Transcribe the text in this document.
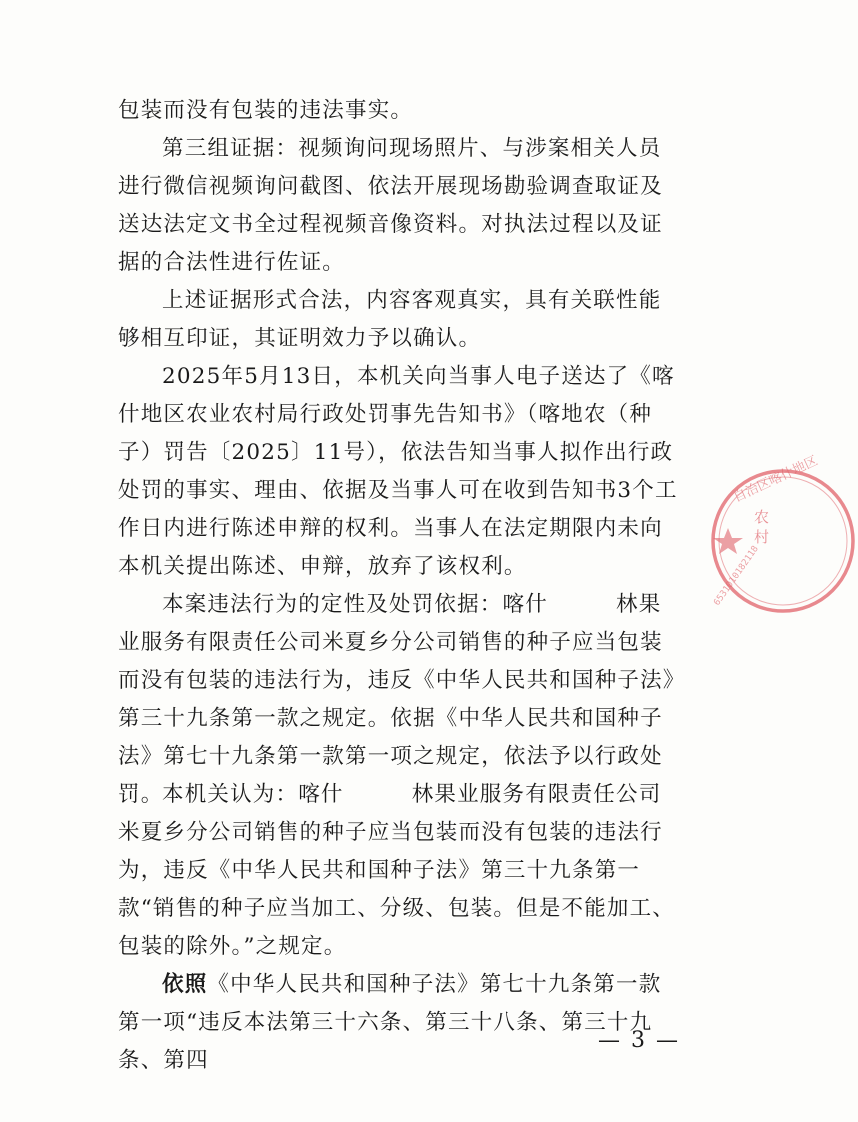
包装而没有包装的违法事实。

第三组证据：视频询问现场照片、与涉案相关人员进行微信视频询问截图、依法开展现场勘验调查取证及送达法定文书全过程视频音像资料。对执法过程以及证据的合法性进行佐证。

上述证据形式合法，内容客观真实，具有关联性能够相互印证，其证明效力予以确认。

2025年5月13日，本机关向当事人电子送达了《喀什地区农业农村局行政处罚事先告知书》（喀地农（种子）罚告〔2025〕11号），依法告知当事人拟作出行政处罚的事实、理由、依据及当事人可在收到告知书3个工作日内进行陈述申辩的权利。当事人在法定期限内未向本机关提出陈述、申辩，放弃了该权利。

本案违法行为的定性及处罚依据：喀什　　　林果业服务有限责任公司米夏乡分公司销售的种子应当包装而没有包装的违法行为，违反《中华人民共和国种子法》第三十九条第一款之规定。依据《中华人民共和国种子法》第七十九条第一款第一项之规定，依法予以行政处罚。

本机关认为：喀什　　　林果业服务有限责任公司米夏乡分公司销售的种子应当包装而没有包装的违法行为，违反《中华人民共和国种子法》第三十九条第一款“销售的种子应当加工、分级、包装。但是不能加工、包装的除外。”之规定。

依照《中华人民共和国种子法》第七十九条第一款第一项“违反本法第三十六条、第三十八条、第三十九条、第四

— 3 —
农
村
自治区喀什地区
6531010182118
